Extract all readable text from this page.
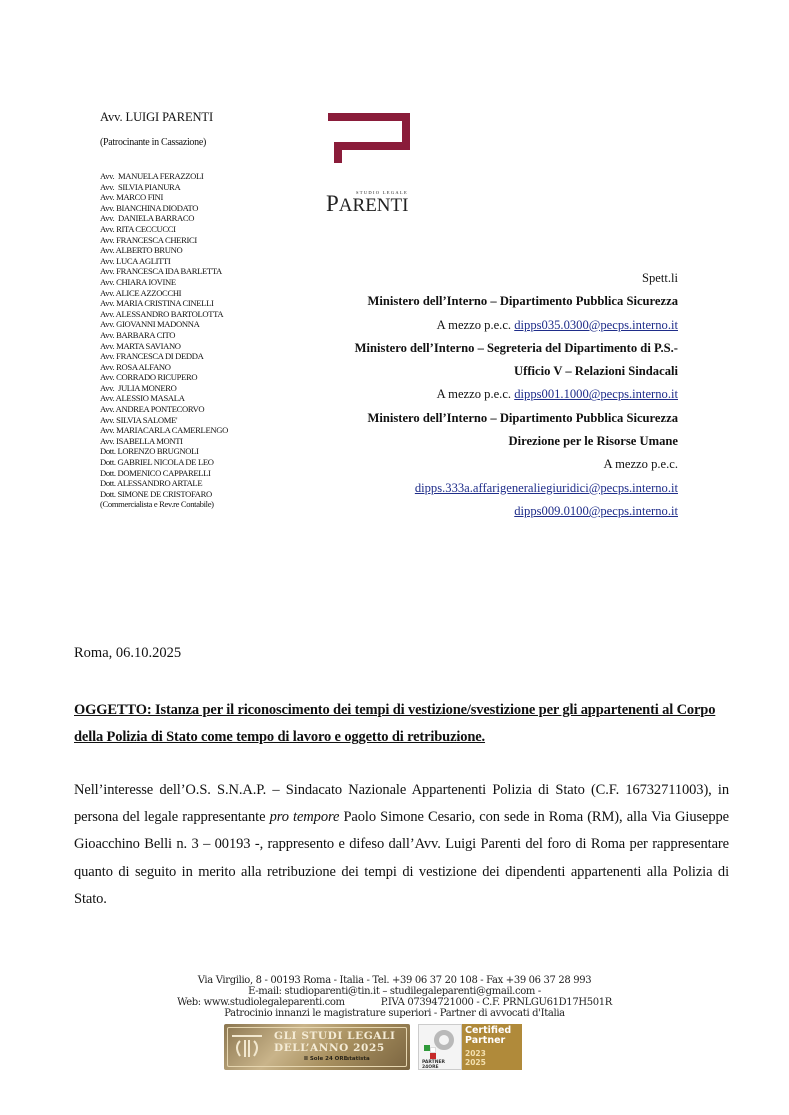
Avv. LUIGI PARENTI
(Patrocinante in Cassazione)
Avv.  MANUELA FERAZZOLI
Avv.  SILVIA PIANURA
Avv. MARCO FINI
Avv. BIANCHINA DIODATO
Avv.  DANIELA BARRACO
Avv. RITA CECCUCCI
Avv. FRANCESCA CHERICI
Avv. ALBERTO BRUNO
Avv. LUCA AGLITTI
Avv. FRANCESCA IDA BARLETTA
Avv. CHIARA IOVINE
Avv. ALICE AZZOCCHI
Avv. MARIA CRISTINA CINELLI
Avv. ALESSANDRO BARTOLOTTA
Avv. GIOVANNI MADONNA
Avv. BARBARA CITO
Avv. MARTA SAVIANO
Avv. FRANCESCA DI DEDDA
Avv. ROSA ALFANO
Avv. CORRADO RICUPERO
Avv.  JULIA MONERO
Avv. ALESSIO MASALA
Avv. ANDREA PONTECORVO
Avv. SILVIA SALOME'
Avv. MARIACARLA CAMERLENGO
Avv. ISABELLA MONTI
Dott. LORENZO BRUGNOLI
Dott. GABRIEL NICOLA DE LEO
Dott. DOMENICO CAPPARELLI
Dott. ALESSANDRO ARTALE
Dott. SIMONE DE CRISTOFARO
(Commercialista e Rev.re Contabile)
STUDIO LEGALE
PARENTI
Spett.li
Ministero dell’Interno – Dipartimento Pubblica Sicurezza
A mezzo p.e.c. dipps035.0300@pecps.interno.it
Ministero dell’Interno – Segreteria del Dipartimento di P.S.-
Ufficio V – Relazioni Sindacali
A mezzo p.e.c. dipps001.1000@pecps.interno.it
Ministero dell’Interno – Dipartimento Pubblica Sicurezza
Direzione per le Risorse Umane
A mezzo p.e.c.
dipps.333a.affarigeneraliegiuridici@pecps.interno.it
dipps009.0100@pecps.interno.it
Roma, 06.10.2025
OGGETTO: Istanza per il riconoscimento dei tempi di vestizione/svestizione per gli appartenenti al Corpo della Polizia di Stato come tempo di lavoro e oggetto di retribuzione.
Nell’interesse dell’O.S. S.N.A.P. – Sindacato Nazionale Appartenenti Polizia di Stato (C.F. 16732711003), in persona del legale rappresentante pro tempore Paolo Simone Cesario, con sede in Roma (RM), alla Via Giuseppe Gioacchino Belli n. 3 – 00193 -, rappresento e difeso dall’Avv. Luigi Parenti del foro di Roma per rappresentare quanto di seguito in merito alla retribuzione dei tempi di vestizione dei dipendenti appartenenti alla Polizia di Stato.
Via Virgilio, 8 - 00193 Roma - Italia - Tel. +39 06 37 20 108 - Fax +39 06 37 28 993
E-mail: studioparenti@tin.it – studilegaleparenti@gmail.com -
Web: www.studiolegaleparenti.com	P.IVA 07394721000 - C.F. PRNLGU61D17H501R
Patrocinio innanzi le magistrature superiori - Partner di avvocati d'Italia
GLI STUDI LEGALI
DELL’ANNO 2025
Il Sole 24 ORE
statista
PARTNER 24ORE
Certified
Partner
2023
2025
